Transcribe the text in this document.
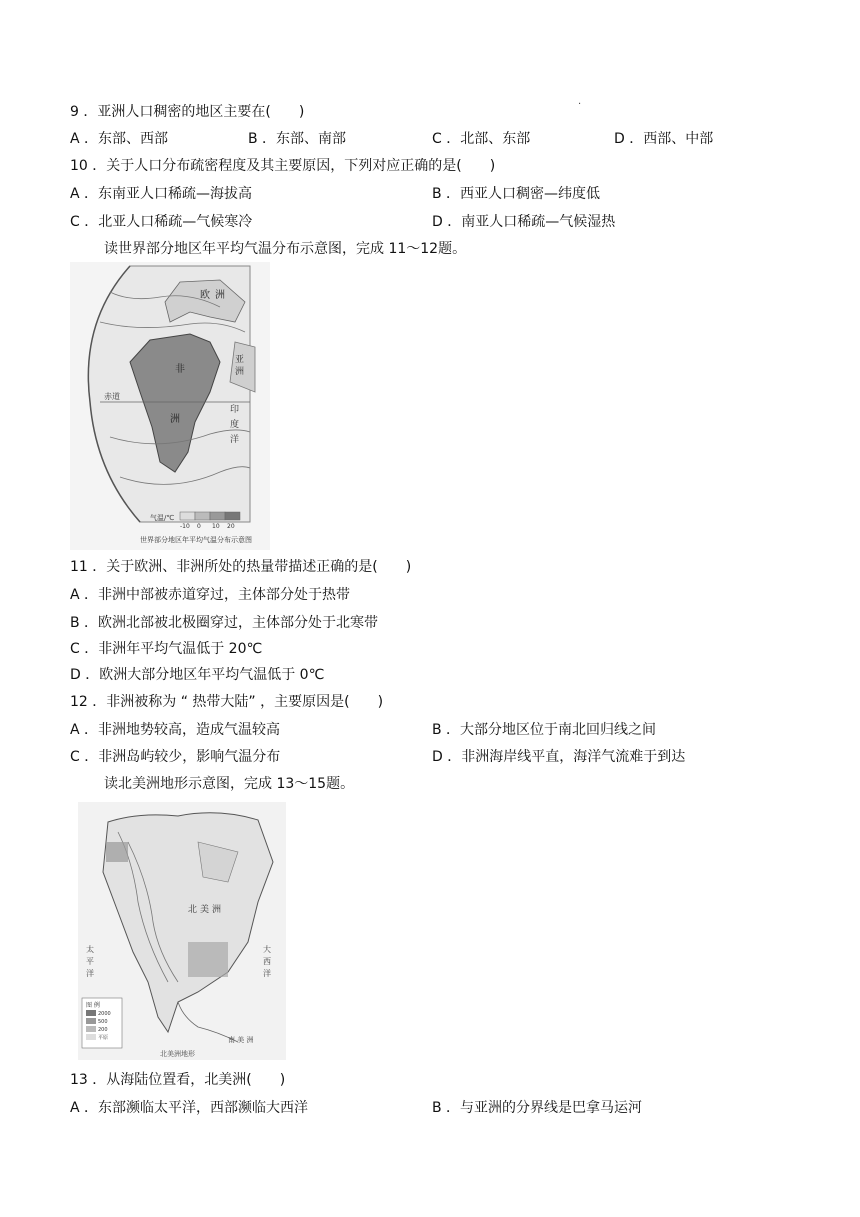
.
9 ．亚洲人口稠密的地区主要在(　　)
A ．东部、西部	B ．东部、南部	C ．北部、东部	D ．西部、中部
10 ．关于人口分布疏密程度及其主要原因，下列对应正确的是(　　)
A ．东南亚人口稀疏—海拔高	B ．西亚人口稠密—纬度低
C ．北亚人口稀疏—气候寒冷	D ．南亚人口稀疏—气候湿热
读世界部分地区年平均气温分布示意图，完成 11～12题。
非
洲
欧 洲
亚
洲
赤道
印
度
洋
气温/℃
-10 0 10 20
世界部分地区年平均气温分布示意图
11 ．关于欧洲、非洲所处的热量带描述正确的是(　　)
A ．非洲中部被赤道穿过，主体部分处于热带
B ．欧洲北部被北极圈穿过，主体部分处于北寒带
C ．非洲年平均气温低于 20℃
D ．欧洲大部分地区年平均气温低于 0℃
12 ．非洲被称为 “ 热带大陆” ，主要原因是(　　)
A ．非洲地势较高，造成气温较高	B ．大部分地区位于南北回归线之间
C ．非洲岛屿较少，影响气温分布	D ．非洲海岸线平直，海洋气流难于到达
读北美洲地形示意图，完成 13～15题。
北 美 洲
太
平
洋
大
西
洋
南 美 洲
图 例
2000
500
200
平原
北美洲地形
13 ．从海陆位置看，北美洲(　　)
A ．东部濒临太平洋，西部濒临大西洋	B ．与亚洲的分界线是巴拿马运河
